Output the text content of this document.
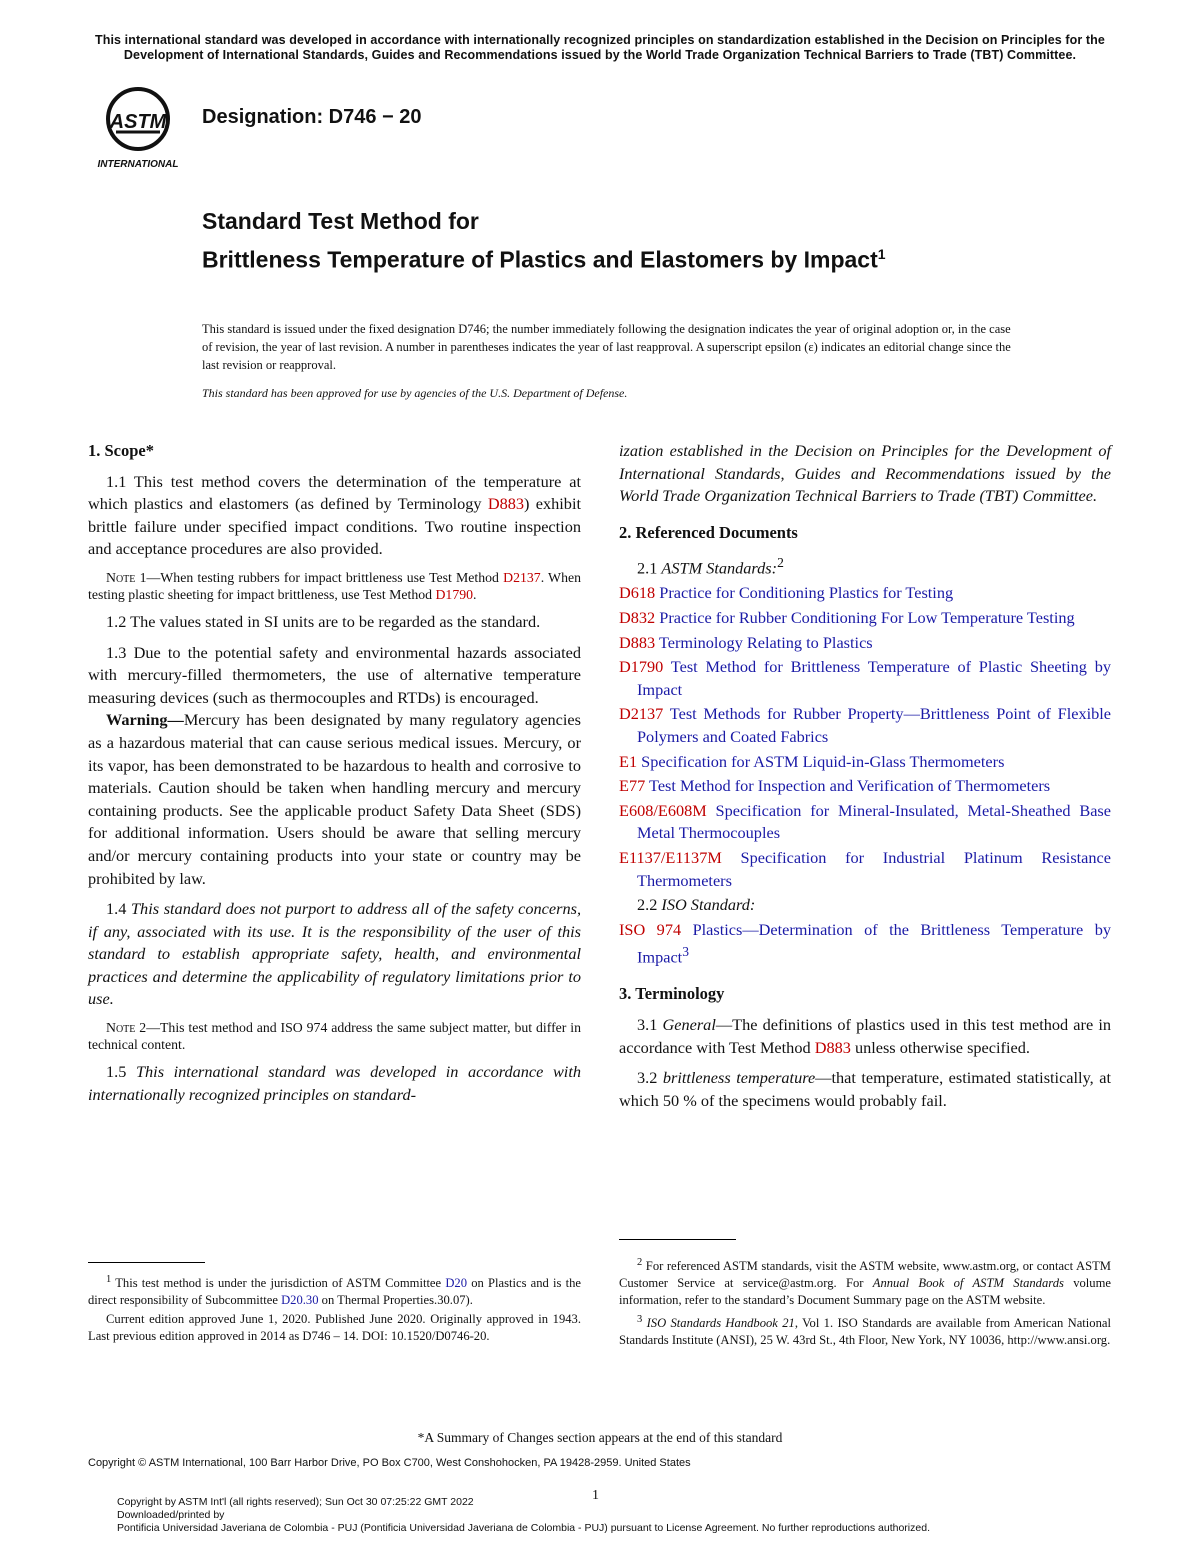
This international standard was developed in accordance with internationally recognized principles on standardization established in the Decision on Principles for the Development of International Standards, Guides and Recommendations issued by the World Trade Organization Technical Barriers to Trade (TBT) Committee.
ASTM
INTERNATIONAL
Designation: D746 − 20
Standard Test Method for
Brittleness Temperature of Plastics and Elastomers by Impact$^1$
This standard is issued under the fixed designation D746; the number immediately following the designation indicates the year of original adoption or, in the case of revision, the year of last revision. A number in parentheses indicates the year of last reapproval. A superscript epsilon (ε) indicates an editorial change since the last revision or reapproval.
This standard has been approved for use by agencies of the U.S. Department of Defense.
1. Scope*

1.1 This test method covers the determination of the temperature at which plastics and elastomers (as defined by Terminology D883) exhibit brittle failure under specified impact conditions. Two routine inspection and acceptance procedures are also provided.

Note 1—When testing rubbers for impact brittleness use Test Method D2137. When testing plastic sheeting for impact brittleness, use Test Method D1790.

1.2 The values stated in SI units are to be regarded as the standard.

1.3 Due to the potential safety and environmental hazards associated with mercury-filled thermometers, the use of alternative temperature measuring devices (such as thermocouples and RTDs) is encouraged.

Warning—Mercury has been designated by many regulatory agencies as a hazardous material that can cause serious medical issues. Mercury, or its vapor, has been demonstrated to be hazardous to health and corrosive to materials. Caution should be taken when handling mercury and mercury containing products. See the applicable product Safety Data Sheet (SDS) for additional information. Users should be aware that selling mercury and/or mercury containing products into your state or country may be prohibited by law.

1.4 This standard does not purport to address all of the safety concerns, if any, associated with its use. It is the responsibility of the user of this standard to establish appropriate safety, health, and environmental practices and determine the applicability of regulatory limitations prior to use.

Note 2—This test method and ISO 974 address the same subject matter, but differ in technical content.

1.5 This international standard was developed in accordance with internationally recognized principles on standard-

ization established in the Decision on Principles for the Development of International Standards, Guides and Recommendations issued by the World Trade Organization Technical Barriers to Trade (TBT) Committee.

2. Referenced Documents

2.1 ASTM Standards:$^2$

D618 Practice for Conditioning Plastics for Testing

D832 Practice for Rubber Conditioning For Low Temperature Testing

D883 Terminology Relating to Plastics

D1790 Test Method for Brittleness Temperature of Plastic Sheeting by Impact

D2137 Test Methods for Rubber Property—Brittleness Point of Flexible Polymers and Coated Fabrics

E1 Specification for ASTM Liquid-in-Glass Thermometers

E77 Test Method for Inspection and Verification of Thermometers

E608/E608M Specification for Mineral-Insulated, Metal-Sheathed Base Metal Thermocouples

E1137/E1137M Specification for Industrial Platinum Resistance Thermometers

2.2 ISO Standard:

ISO 974 Plastics—Determination of the Brittleness Temperature by Impact$^3$

3. Terminology

3.1 General—The definitions of plastics used in this test method are in accordance with Test Method D883 unless otherwise specified.

3.2 brittleness temperature—that temperature, estimated statistically, at which 50 % of the specimens would probably fail.

$^1$ This test method is under the jurisdiction of ASTM Committee D20 on Plastics and is the direct responsibility of Subcommittee D20.30 on Thermal Properties.30.07).

Current edition approved June 1, 2020. Published June 2020. Originally approved in 1943. Last previous edition approved in 2014 as D746 – 14. DOI: 10.1520/D0746-20.

$^2$ For referenced ASTM standards, visit the ASTM website, www.astm.org, or contact ASTM Customer Service at service@astm.org. For Annual Book of ASTM Standards volume information, refer to the standard’s Document Summary page on the ASTM website.

$^3$ ISO Standards Handbook 21, Vol 1. ISO Standards are available from American National Standards Institute (ANSI), 25 W. 43rd St., 4th Floor, New York, NY 10036, http://www.ansi.org.

*A Summary of Changes section appears at the end of this standard
Copyright © ASTM International, 100 Barr Harbor Drive, PO Box C700, West Conshohocken, PA 19428-2959. United States
1
Copyright by ASTM Int'l (all rights reserved); Sun Oct 30 07:25:22 GMT 2022
Downloaded/printed by
Pontificia Universidad Javeriana de Colombia - PUJ (Pontificia Universidad Javeriana de Colombia - PUJ) pursuant to License Agreement. No further reproductions authorized.
